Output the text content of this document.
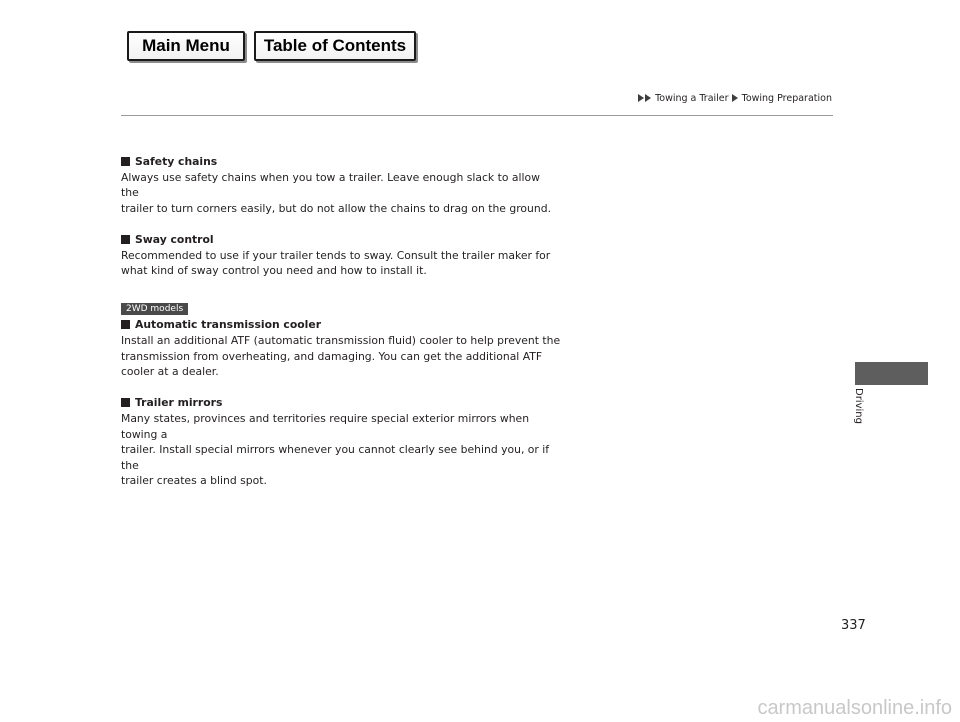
Main Menu	Table of Contents
Towing a Trailer Towing Preparation
Safety chains
Always use safety chains when you tow a trailer. Leave enough slack to allow the
trailer to turn corners easily, but do not allow the chains to drag on the ground.
Sway control
Recommended to use if your trailer tends to sway. Consult the trailer maker for
what kind of sway control you need and how to install it.
2WD models
Automatic transmission cooler
Install an additional ATF (automatic transmission fluid) cooler to help prevent the
transmission from overheating, and damaging. You can get the additional ATF
cooler at a dealer.
Trailer mirrors
Many states, provinces and territories require special exterior mirrors when towing a
trailer. Install special mirrors whenever you cannot clearly see behind you, or if the
trailer creates a blind spot.
Driving
337
carmanualsonline.info
